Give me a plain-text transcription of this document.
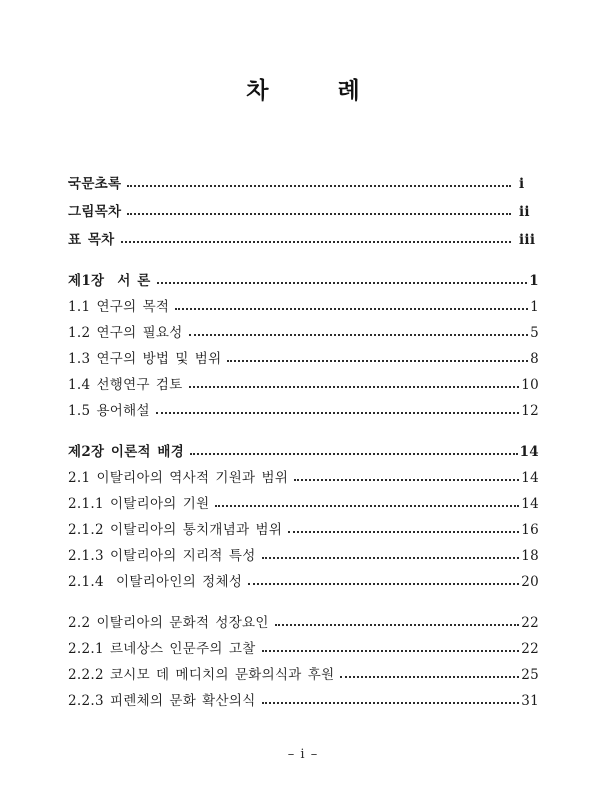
차　　　례
국문초록	i
그림목차	ii
표 목차	iii
제1장  서 론	1
1.1 연구의 목적	1
1.2 연구의 필요성	5
1.3 연구의 방법 및 범위	8
1.4 선행연구 검토	10
1.5 용어해설	12
제2장 이론적 배경	14
2.1 이탈리아의 역사적 기원과 범위	14
2.1.1 이탈리아의 기원	14
2.1.2 이탈리아의 통치개념과 범위	16
2.1.3 이탈리아의 지리적 특성	18
2.1.4  이탈리아인의 정체성	20
2.2 이탈리아의 문화적 성장요인	22
2.2.1 르네상스 인문주의 고찰	22
2.2.2 코시모 데 메디치의 문화의식과 후원	25
2.2.3 피렌체의 문화 확산의식	31
– i –
